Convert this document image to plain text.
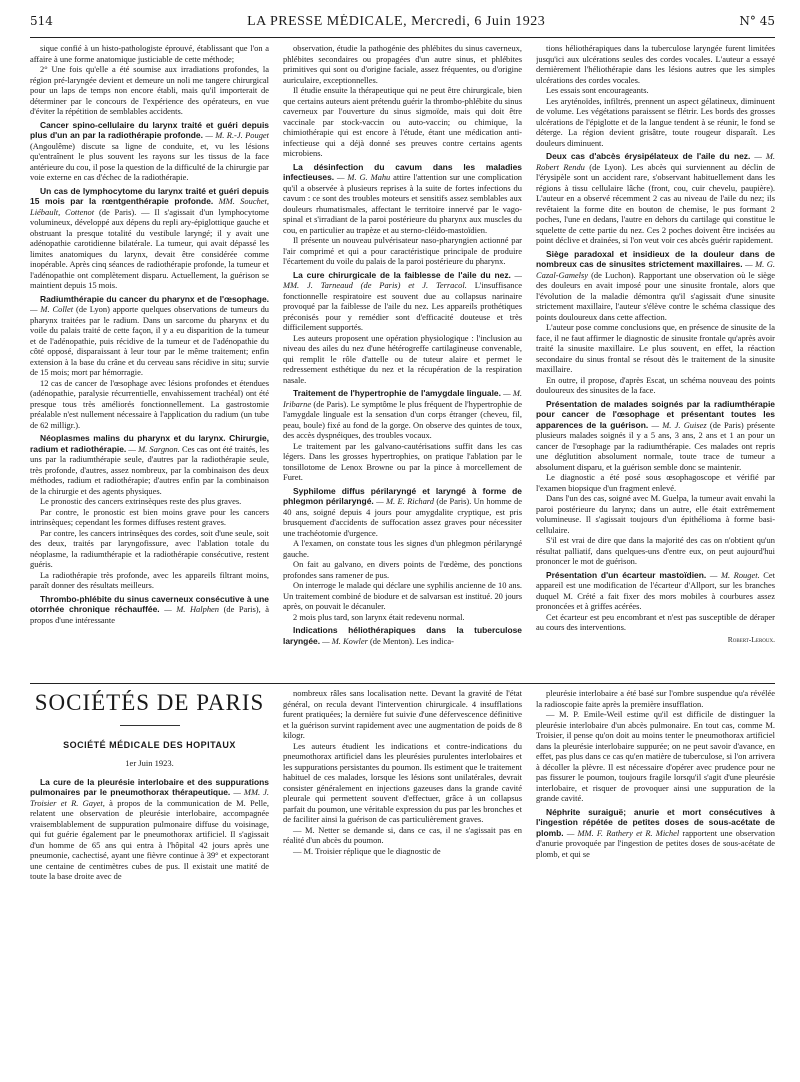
514	LA PRESSE MÉDICALE, Mercredi, 6 Juin 1923	N° 45

sique confié à un histo-pathologiste éprouvé, établissant que l'on a affaire à une forme anatomique justiciable de cette méthode;

2° Une fois qu'elle a été soumise aux irradiations profondes, la région pré-laryngée devient et demeure un noli me tangere chirurgical pour un laps de temps non encore établi, mais qu'il importerait de déterminer par le concours de l'expérience des opérateurs, en vue d'éviter la répétition de semblables accidents.

Cancer spino-cellulaire du larynx traité et guéri depuis plus d'un an par la radiothérapie profonde. — M. R.-J. Pouget (Angoulême) discute sa ligne de conduite, et, vu les lésions qu'entraînent le plus souvent les rayons sur les tissus de la face antérieure du cou, il pose la question de la difficulté de la chirurgie par voie externe en cas d'échec de la radiothérapie.

Un cas de lymphocytome du larynx traité et guéri depuis 15 mois par la rœntgenthérapie profonde. MM. Souchet, Liébault, Cottenot (de Paris). — Il s'agissait d'un lymphocytome volumineux, développé aux dépens du repli ary-épiglottique gauche et obstruant la presque totalité du vestibule laryngé; il y avait une adénopathie carotidienne bilatérale. La tumeur, qui avait dépassé les limites anatomiques du larynx, devait être considérée comme inopérable. Après cinq séances de radiothérapie profonde, la tumeur et l'adénopathie ont complètement disparu. Actuellement, la guérison se maintient depuis 15 mois.

Radiumthérapie du cancer du pharynx et de l'œsophage. — M. Collet (de Lyon) apporte quelques observations de tumeurs du pharynx traitées par le radium. Dans un sarcome du pharynx et du voile du palais traité de cette façon, il y a eu disparition de la tumeur et de l'adénopathie, puis récidive de la tumeur et de l'adénopathie du côté opposé, disparaissant à leur tour par le même traitement; enfin extension à la base du crâne et du cerveau sans récidive in situ; survie de 15 mois; mort par hémorragie.

12 cas de cancer de l'œsophage avec lésions profondes et étendues (adénopathie, paralysie récurrentielle, envahissement trachéal) ont été presque tous très améliorés fonctionnellement. La gastrostomie préalable n'est nullement nécessaire à l'application du radium (un tube de 62 milligr.).

Néoplasmes malins du pharynx et du larynx. Chirurgie, radium et radiothérapie. — M. Sargnon. Ces cas ont été traités, les uns par la radiumthérapie seule, d'autres par la radiothérapie seule, très profonde, d'autres, assez nombreux, par la combinaison des deux méthodes, radium et radiothérapie; d'autres enfin par la combinaison de la chirurgie et des agents physiques.

Le pronostic des cancers extrinsèques reste des plus graves.

Par contre, le pronostic est bien moins grave pour les cancers intrinsèques; cependant les formes diffuses restent graves.

Par contre, les cancers intrinsèques des cordes, soit d'une seule, soit des deux, traités par laryngofissure, avec l'ablation totale du néoplasme, la radiumthérapie et la radiothérapie consécutive, restent guéris.

La radiothérapie très profonde, avec les appareils filtrant moins, paraît donner des résultats meilleurs.

Thrombo-phlébite du sinus caverneux consécutive à une otorrhée chronique réchauffée. — M. Halphen (de Paris), à propos d'une intéressante

observation, étudie la pathogénie des phlébites du sinus caverneux, phlébites secondaires ou propagées d'un autre sinus, et phlébites primitives qui sont ou d'origine faciale, assez fréquentes, ou d'origine auriculaire, exceptionnelles.

Il étudie ensuite la thérapeutique qui ne peut être chirurgicale, bien que certains auteurs aient prétendu guérir la thrombo-phlébite du sinus caverneux par l'ouverture du sinus sigmoïde, mais qui doit être vaccinale par stock-vaccin ou auto-vaccin; ou chimique, la chimiothérapie qui est encore à l'étude, étant une médication anti-infectieuse qui a déjà donné ses preuves contre certains agents microbiens.

La désinfection du cavum dans les maladies infectieuses. — M. G. Mahu attire l'attention sur une complication qu'il a observée à plusieurs reprises à la suite de fortes infections du cavum : ce sont des troubles moteurs et sensitifs assez semblables aux douleurs rhumatismales, affectant le territoire innervé par le vago-spinal et s'irradiant de la paroi postérieure du pharynx aux muscles du cou, en particulier au trapèze et au sterno-cléido-mastoïdien.

Il présente un nouveau pulvérisateur naso-pharyngien actionné par l'air comprimé et qui a pour caractéristique principale de produire l'écartement du voile du palais de la paroi postérieure du pharynx.

La cure chirurgicale de la faiblesse de l'aile du nez. — MM. J. Tarneaud (de Paris) et J. Terracol. L'insuffisance fonctionnelle respiratoire est souvent due au collapsus narinaire provoqué par la faiblesse de l'aile du nez. Les appareils prothétiques préconisés pour y remédier sont d'efficacité douteuse et très difficilement supportés.

Les auteurs proposent une opération physiologique : l'inclusion au niveau des ailes du nez d'une hétérogreffe cartilagineuse convenable, qui remplit le rôle d'attelle ou de tuteur alaire et permet le redressement esthétique du nez et la récupération de la respiration nasale.

Traitement de l'hypertrophie de l'amygdale linguale. — M. Iribarne (de Paris). Le symptôme le plus fréquent de l'hypertrophie de l'amygdale linguale est la sensation d'un corps étranger (cheveu, fil, peau, boule) fixé au fond de la gorge. On observe des quintes de toux, des accès dyspnéiques, des troubles vocaux.

Le traitement par les galvano-cautérisations suffit dans les cas légers. Dans les grosses hypertrophies, on pratique l'ablation par le tonsillotome de Lenox Browne ou par la pince à morcellement de Furet.

Syphilome diffus périlaryngé et laryngé à forme de phlegmon périlaryngé. — M. E. Richard (de Paris). Un homme de 40 ans, soigné depuis 4 jours pour amygdalite cryptique, est pris brusquement d'accidents de suffocation assez graves pour nécessiter une trachéotomie d'urgence.

A l'examen, on constate tous les signes d'un phlegmon périlaryngé gauche.

On fait au galvano, en divers points de l'œdème, des ponctions profondes sans ramener de pus.

On interroge le malade qui déclare une syphilis ancienne de 10 ans. Un traitement combiné de biodure et de salvarsan est institué. 20 jours après, on pouvait le décanuler.

2 mois plus tard, son larynx était redevenu normal.

Indications héliothérapiques dans la tuberculose laryngée. — M. Kowler (de Menton). Les indica-

tions héliothérapiques dans la tuberculose laryngée furent limitées jusqu'ici aux ulcérations seules des cordes vocales. L'auteur a essayé dernièrement l'héliothérapie dans les lésions autres que les simples ulcérations des cordes vocales.

Les essais sont encourageants.

Les aryténoïdes, infiltrés, prennent un aspect gélatineux, diminuent de volume. Les végétations paraissent se flétrir. Les bords des grosses ulcérations de l'épiglotte et de la langue tendent à se réunir, le fond se déterge. La région devient grisâtre, toute rougeur disparaît. Les douleurs diminuent.

Deux cas d'abcès érysipélateux de l'aile du nez. — M. Robert Rendu (de Lyon). Les abcès qui surviennent au déclin de l'érysipèle sont un accident rare, s'observant habituellement dans les régions à tissu cellulaire lâche (front, cou, cuir chevelu, paupière). L'auteur en a observé récemment 2 cas au niveau de l'aile du nez; ils revêtaient la forme dite en bouton de chemise, le pus formant 2 poches, l'une en dedans, l'autre en dehors du cartilage qui constitue le squelette de cette partie du nez. Ces 2 poches doivent être incisées au point déclive et drainées, si l'on veut voir ces abcès guérir rapidement.

Siège paradoxal et insidieux de la douleur dans de nombreux cas de sinusites strictement maxillaires. — M. G. Cazal-Gamelsy (de Luchon). Rapportant une observation où le siège des douleurs en avait imposé pour une sinusite frontale, alors que l'évolution de la maladie démontra qu'il s'agissait d'une sinusite strictement maxillaire, l'auteur s'élève contre le schéma classique des points douloureux dans cette affection.

L'auteur pose comme conclusions que, en présence de sinusite de la face, il ne faut affirmer le diagnostic de sinusite frontale qu'après avoir traité la sinusite maxillaire. Le plus souvent, en effet, la réaction secondaire du sinus frontal se résout dès le traitement de la sinusite maxillaire.

En outre, il propose, d'après Escat, un schéma nouveau des points douloureux des sinusites de la face.

Présentation de malades soignés par la radiumthérapie pour cancer de l'œsophage et présentant toutes les apparences de la guérison. — M. J. Guisez (de Paris) présente plusieurs malades soignés il y a 5 ans, 3 ans, 2 ans et 1 an pour un cancer de l'œsophage par la radiumthérapie. Ces malades ont repris une déglutition absolument normale, toute trace de tumeur a absolument disparu, et la guérison semble donc se maintenir.

Le diagnostic a été posé sous œsophagoscope et vérifié par l'examen biopsique d'un fragment enlevé.

Dans l'un des cas, soigné avec M. Guelpa, la tumeur avait envahi la paroi postérieure du larynx; dans un autre, elle était extrêmement volumineuse. Il s'agissait toujours d'un épithélioma à forme basi-cellulaire.

S'il est vrai de dire que dans la majorité des cas on n'obtient qu'un résultat palliatif, dans quelques-uns d'entre eux, on peut aujourd'hui prononcer le mot de guérison.

Présentation d'un écarteur mastoïdien. — M. Rouget. Cet appareil est une modification de l'écarteur d'Allport, sur les branches duquel M. Crété a fait fixer des mors mobiles à courbures assez prononcées et à griffes acérées.

Cet écarteur est peu encombrant et n'est pas susceptible de déraper au cours des interventions.

Robert-Leroux.
SOCIÉTÉS DE PARIS
SOCIÉTÉ MÉDICALE DES HOPITAUX
1er Juin 1923.

La cure de la pleurésie interlobaire et des suppurations pulmonaires par le pneumothorax thérapeutique. — MM. J. Troisier et R. Gayet, à propos de la communication de M. Pelle, relatent une observation de pleurésie interlobaire, accompagnée vraisemblablement de suppuration pulmonaire diffuse du voisinage, qui fut guérie également par le pneumothorax artificiel. Il s'agissait d'un homme de 65 ans qui entra à l'hôpital 42 jours après une pneumonie, cachectisé, ayant une fièvre continue à 39° et expectorant une centaine de centimètres cubes de pus. Il existait une matité de toute la base droite avec de

nombreux râles sans localisation nette. Devant la gravité de l'état général, on recula devant l'intervention chirurgicale. 4 insufflations furent pratiquées; la dernière fut suivie d'une défervescence définitive et la guérison survint rapidement avec une augmentation de poids de 8 kilogr.

Les auteurs étudient les indications et contre-indications du pneumothorax artificiel dans les pleurésies purulentes interlobaires et les suppurations persistantes du poumon. Ils estiment que le traitement habituel de ces malades, lorsque les lésions sont unilatérales, devrait consister généralement en injections gazeuses dans la grande cavité pleurale qui permettent souvent d'effectuer, grâce à un collapsus parfait du poumon, une véritable expression du pus par les bronches et de faciliter ainsi la guérison de cas particulièrement graves.

— M. Netter se demande si, dans ce cas, il ne s'agissait pas en réalité d'un abcès du poumon.

— M. Troisier réplique que le diagnostic de

pleurésie interlobaire a été basé sur l'ombre suspendue qu'a révélée la radioscopie faite après la première insufflation.

— M. P. Emile-Weil estime qu'il est difficile de distinguer la pleurésie interlobaire d'un abcès pulmonaire. En tout cas, comme M. Troisier, il pense qu'on doit au moins tenter le pneumothorax artificiel dans la pleurésie interlobaire suppurée; on ne peut savoir d'avance, en effet, pas plus dans ce cas qu'en matière de tuberculose, si l'on arrivera à décoller la plèvre. Il est nécessaire d'opérer avec prudence pour ne pas fissurer le poumon, toujours fragile lorsqu'il s'agit d'une pleurésie interlobaire, et risquer de provoquer ainsi une suppuration de la grande cavité.

Néphrite suraiguë; anurie et mort consécutives à l'ingestion répétée de petites doses de sous-acétate de plomb. — MM. F. Rathery et R. Michel rapportent une observation d'anurie provoquée par l'ingestion de petites doses de sous-acétate de plomb, et qui se
